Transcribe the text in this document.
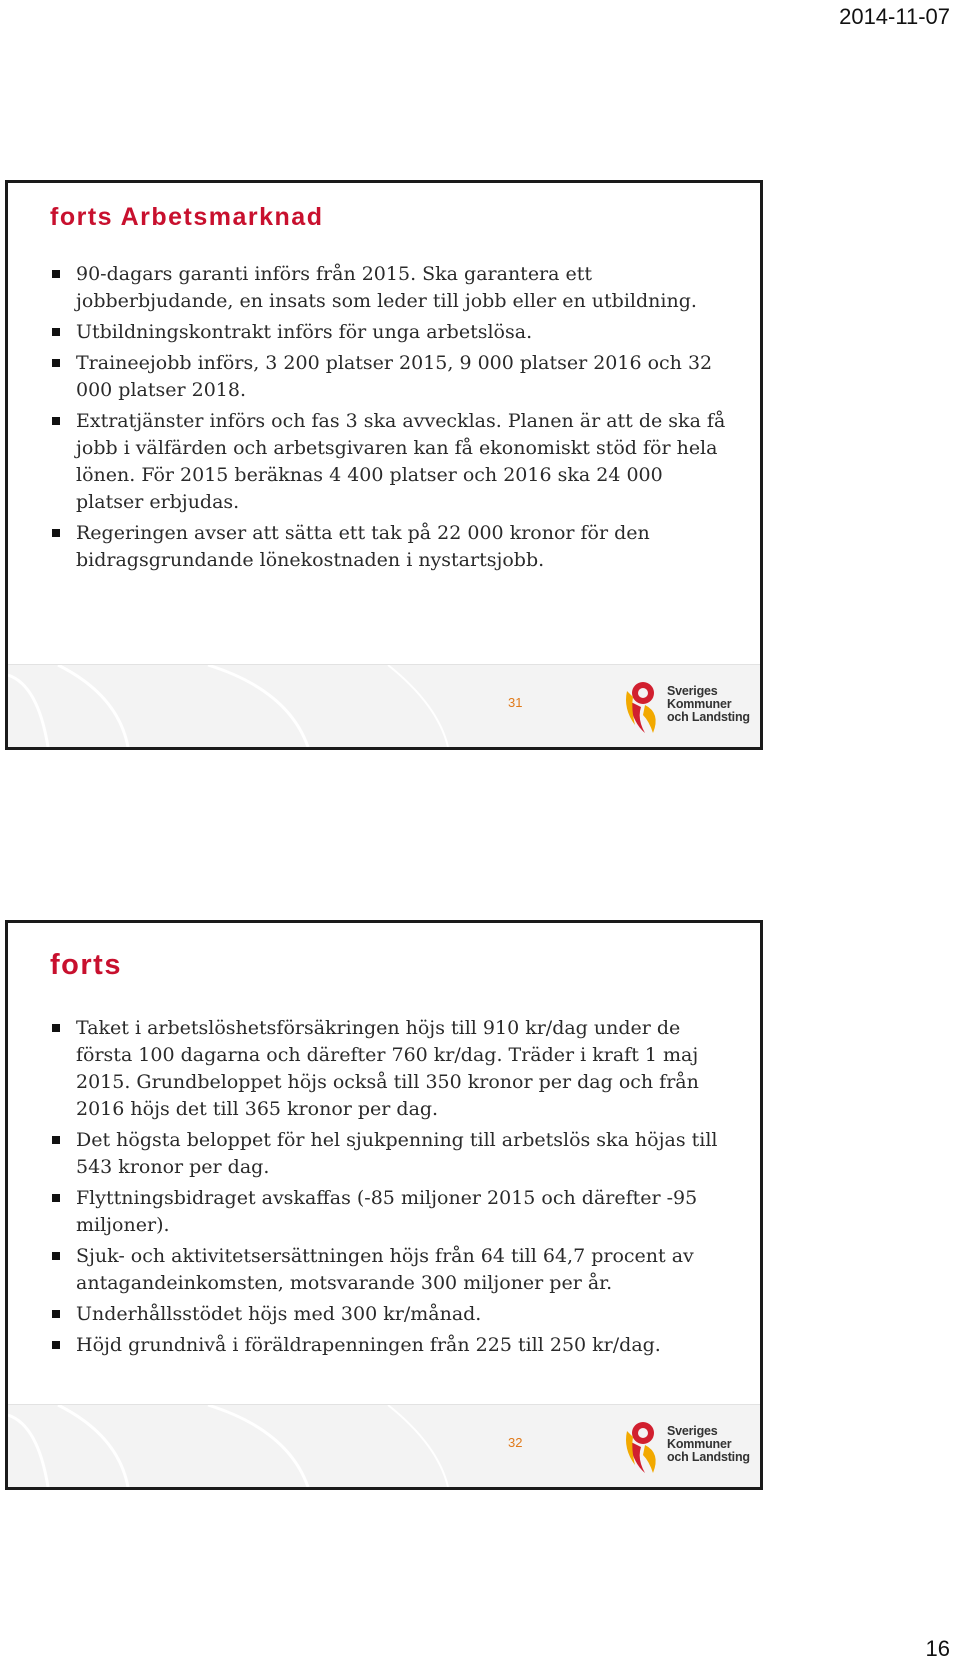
2014-11-07
forts Arbetsmarknad
90-dagars garanti införs från 2015. Ska garantera ett jobberbjudande, en insats som leder till jobb eller en utbildning.
Utbildningskontrakt införs för unga arbetslösa.
Traineejobb införs, 3 200 platser 2015, 9 000 platser 2016 och 32 000 platser 2018.
Extratjänster införs och fas 3 ska avvecklas. Planen är att de ska få jobb i välfärden och arbetsgivaren kan få ekonomiskt stöd för hela lönen. För 2015 beräknas 4 400 platser och 2016 ska 24 000 platser erbjudas.
Regeringen avser att sätta ett tak på 22 000 kronor för den bidragsgrundande lönekostnaden i nystartsjobb.
31
Sveriges
Kommuner
och Landsting
forts
Taket i arbetslöshetsförsäkringen höjs till 910 kr/dag under de första 100 dagarna och därefter 760 kr/dag. Träder i kraft 1 maj 2015. Grundbeloppet höjs också till 350 kronor per dag och från 2016 höjs det till 365 kronor per dag.
Det högsta beloppet för hel sjukpenning till arbetslös ska höjas till 543 kronor per dag.
Flyttningsbidraget avskaffas (-85 miljoner 2015 och därefter -95 miljoner).
Sjuk- och aktivitetsersättningen höjs från 64 till 64,7 procent av antagandeinkomsten, motsvarande 300 miljoner per år.
Underhållsstödet höjs med 300 kr/månad.
Höjd grundnivå i föräldrapenningen från 225 till 250 kr/dag.
32
Sveriges
Kommuner
och Landsting
16
